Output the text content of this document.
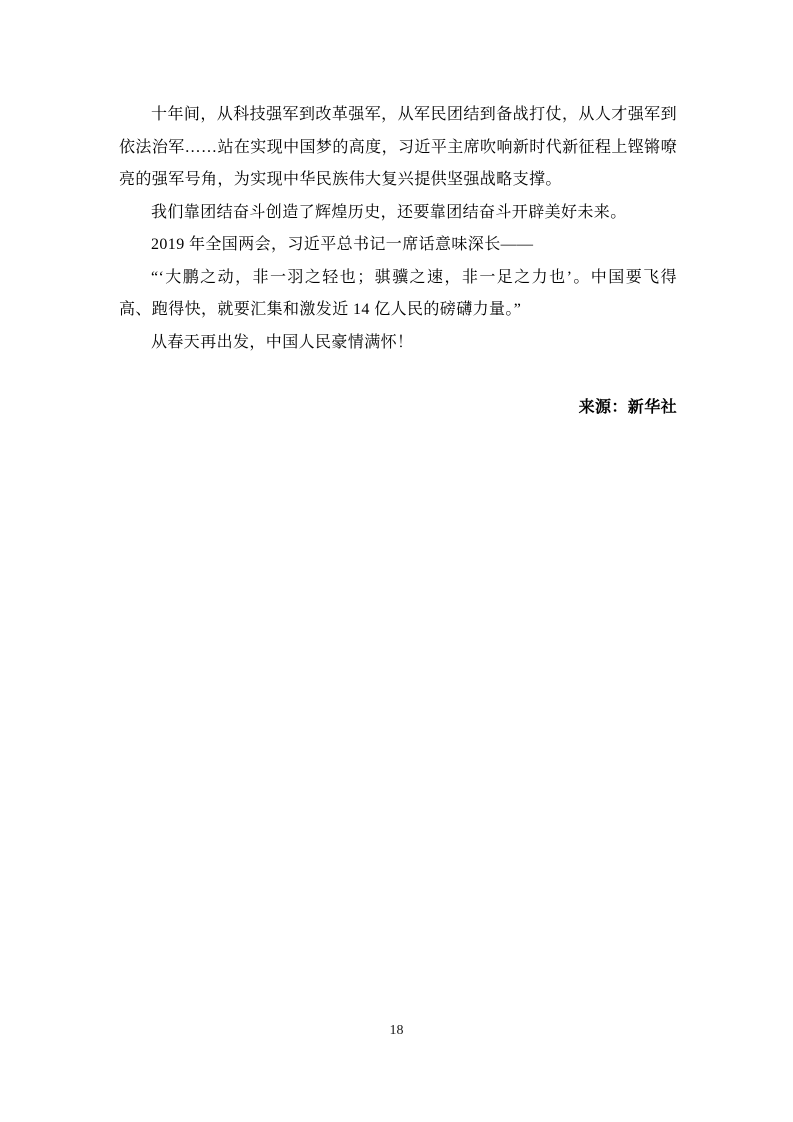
十年间，从科技强军到改革强军，从军民团结到备战打仗，从人才强军到依法治军……站在实现中国梦的高度，习近平主席吹响新时代新征程上铿锵嘹亮的强军号角，为实现中华民族伟大复兴提供坚强战略支撑。

我们靠团结奋斗创造了辉煌历史，还要靠团结奋斗开辟美好未来。

2019 年全国两会，习近平总书记一席话意味深长——

“‘大鹏之动，非一羽之轻也；骐骥之速，非一足之力也’。中国要飞得高、跑得快，就要汇集和激发近 14 亿人民的磅礴力量。”

从春天再出发，中国人民豪情满怀！

来源：新华社

18
